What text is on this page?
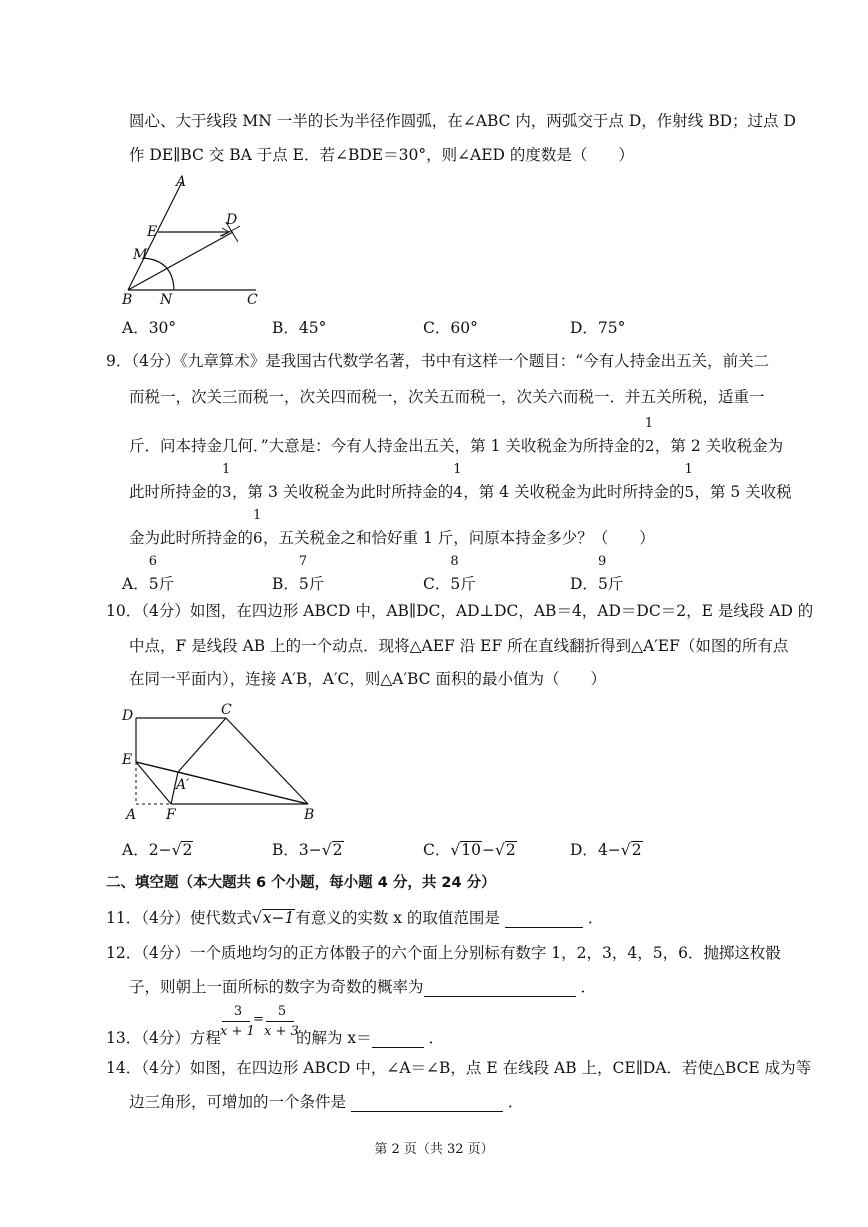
圆心、大于线段 MN 一半的长为半径作圆弧，在∠ABC 内，两弧交于点 D，作射线 BD；过点 D
作 DE∥BC 交 BA 于点 E．若∠BDE＝30°，则∠AED 的度数是（　　）
A
D
E
M
B N	C
A．30°	B．45°	C．60°	D．75°
9．（4分）《九章算术》是我国古代数学名著，书中有这样一个题目：“今有人持金出五关，前关二
而税一，次关三而税一，次关四而税一，次关五而税一，次关六而税一．并五关所税，适重一
斤．问本持金几何．”大意是：今有人持金出五关，第 1 关收税金为所持金的
1
2 ，第 2 关收税金为
此时所持金的
1
3 ，第 3 关收税金为此时所持金的
1
4 ，第 4 关收税金为此时所持金的
1
5 ，第 5 关收税
金为此时所持金的
1
6 ，五关税金之和恰好重 1 斤，问原本持金多少？（　　）
A．
6
5斤	B．
7
5斤	C．
8
5斤	D．
9
5斤
10．（4分）如图，在四边形 ABCD 中，AB∥DC，AD⊥DC，AB＝4，AD＝DC＝2，E 是线段 AD 的
中点，F 是线段 AB 上的一个动点．现将△AEF 沿 EF 所在直线翻折得到△A′EF（如图的所有点
在同一平面内），连接 A′B，A′C，则△A′BC 面积的最小值为（　　）
D	C
E
A′
A F	B
A．2−√2	B．3−√2	C．√10−√2	D．4−√2
二、填空题（本大题共 6 个小题，每小题 4 分，共 24 分）
11．（4分）使代数式√x−1有意义的实数 x 的取值范围是	．
12．（4分）一个质地均匀的正方体骰子的六个面上分别标有数字 1，2，3，4，5，6．抛掷这枚骰
子，则朝上一面所标的数字为奇数的概率为	．
13．（4分）方程
3
x + 1
=
5
x + 3
的解为 x＝	．
14．（4分）如图，在四边形 ABCD 中，∠A＝∠B，点 E 在线段 AB 上，CE∥DA．若使△BCE 成为等
边三角形，可增加的一个条件是	．
第 2 页（共 32 页）
